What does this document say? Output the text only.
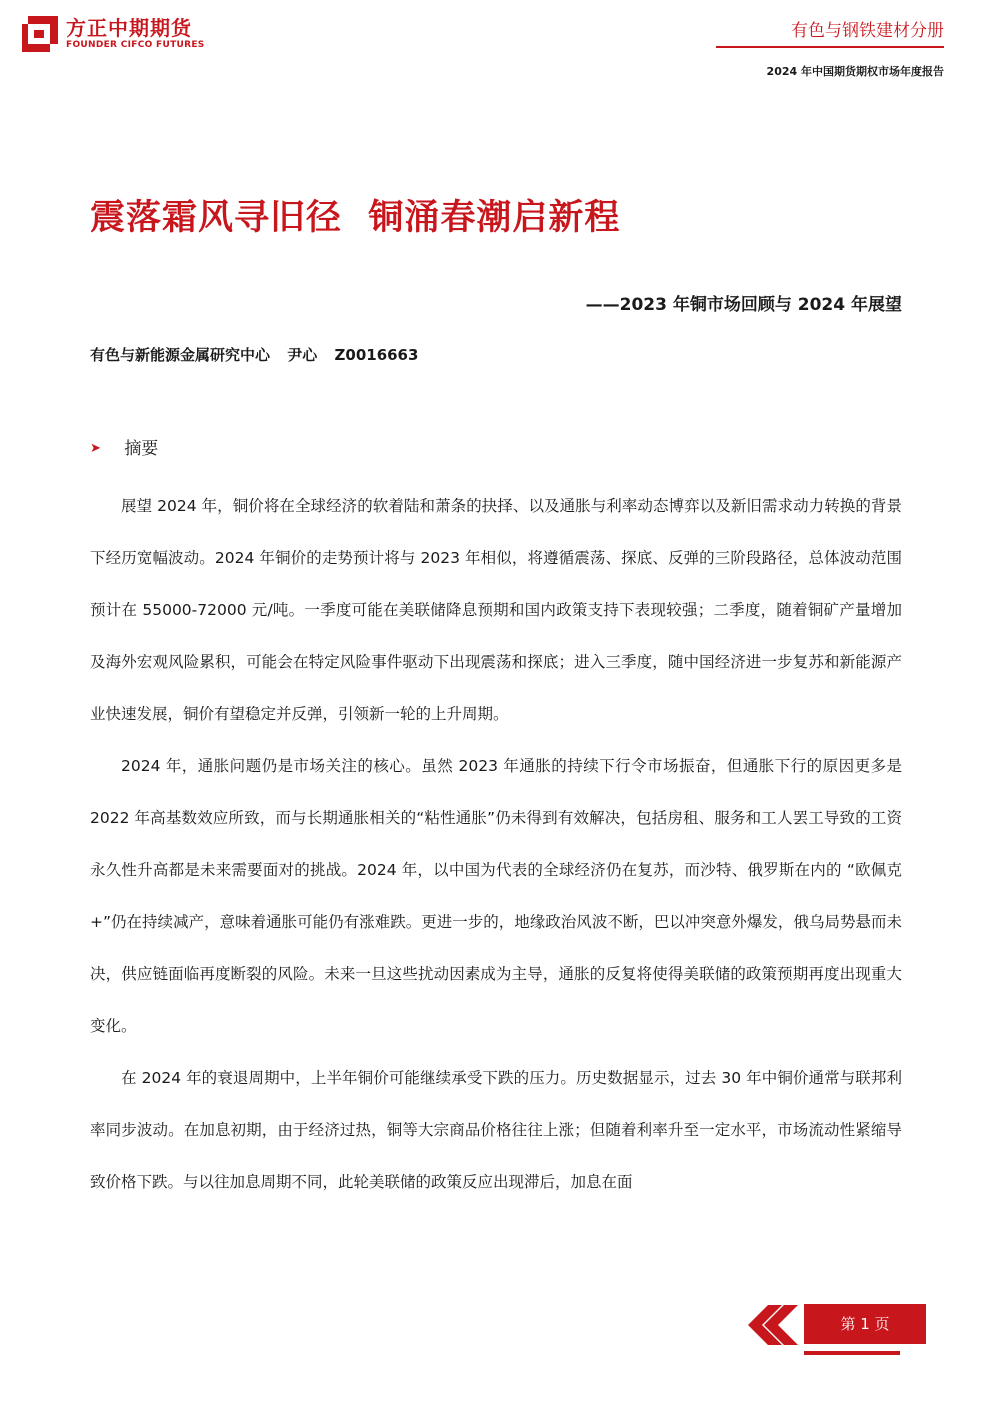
方正中期期货
FOUNDER CIFCO FUTURES
有色与钢铁建材分册
2024 年中国期货期权市场年度报告
震落霜风寻旧径  铜涌春潮启新程
——2023 年铜市场回顾与 2024 年展望
有色与新能源金属研究中心 尹心 Z0016663
➤ 摘要

展望 2024 年，铜价将在全球经济的软着陆和萧条的抉择、以及通胀与利率动态博弈以及新旧需求动力转换的背景下经历宽幅波动。2024 年铜价的走势预计将与 2023 年相似，将遵循震荡、探底、反弹的三阶段路径，总体波动范围预计在 55000-72000 元/吨。一季度可能在美联储降息预期和国内政策支持下表现较强；二季度，随着铜矿产量增加及海外宏观风险累积，可能会在特定风险事件驱动下出现震荡和探底；进入三季度，随中国经济进一步复苏和新能源产业快速发展，铜价有望稳定并反弹，引领新一轮的上升周期。

2024 年，通胀问题仍是市场关注的核心。虽然 2023 年通胀的持续下行令市场振奋，但通胀下行的原因更多是 2022 年高基数效应所致，而与长期通胀相关的“粘性通胀”仍未得到有效解决，包括房租、服务和工人罢工导致的工资永久性升高都是未来需要面对的挑战。2024 年，以中国为代表的全球经济仍在复苏，而沙特、俄罗斯在内的 “欧佩克+”仍在持续减产，意味着通胀可能仍有涨难跌。更进一步的，地缘政治风波不断，巴以冲突意外爆发，俄乌局势悬而未决，供应链面临再度断裂的风险。未来一旦这些扰动因素成为主导，通胀的反复将使得美联储的政策预期再度出现重大变化。

在 2024 年的衰退周期中，上半年铜价可能继续承受下跌的压力。历史数据显示，过去 30 年中铜价通常与联邦利率同步波动。在加息初期，由于经济过热，铜等大宗商品价格往往上涨；但随着利率升至一定水平，市场流动性紧缩导致价格下跌。与以往加息周期不同，此轮美联储的政策反应出现滞后，加息在面

第 1 页
